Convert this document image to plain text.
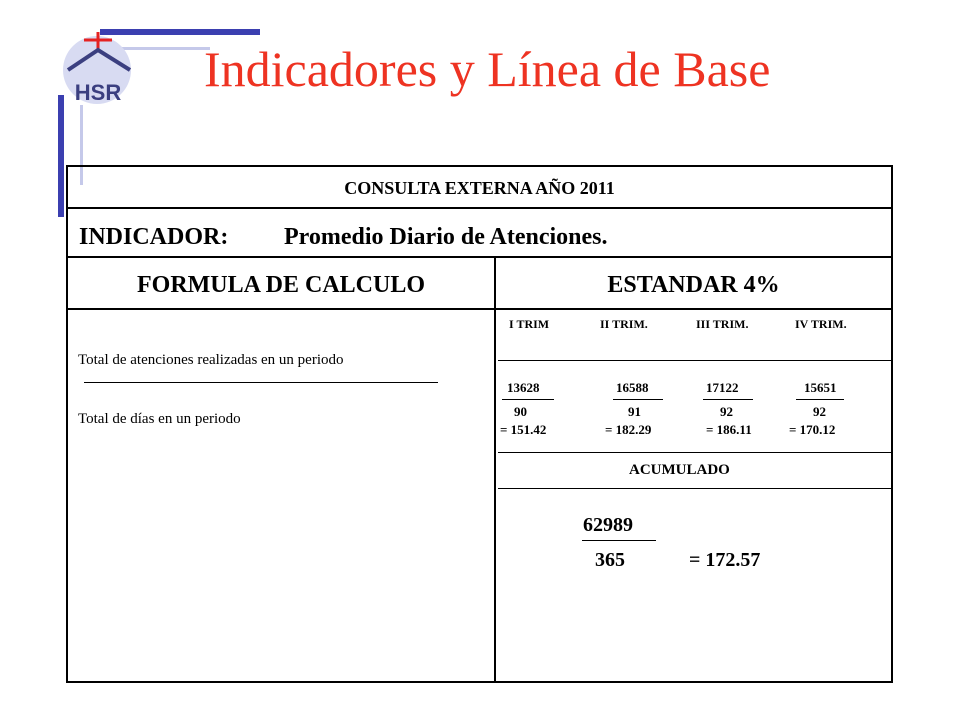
HSR Indicadores y Línea de Base
CONSULTA EXTERNA AÑO 2011
INDICADOR: Promedio Diario de Atenciones.
FORMULA DE CALCULO	ESTANDAR 4%
Total de atenciones realizadas en un periodo
Total de días en un periodo
I TRIM	II TRIM.	III TRIM.	IV TRIM.
13628	16588	17122	15651
90	91	92	92
= 151.42	= 182.29	= 186.11	= 170.12
ACUMULADO
62989
365	= 172.57
